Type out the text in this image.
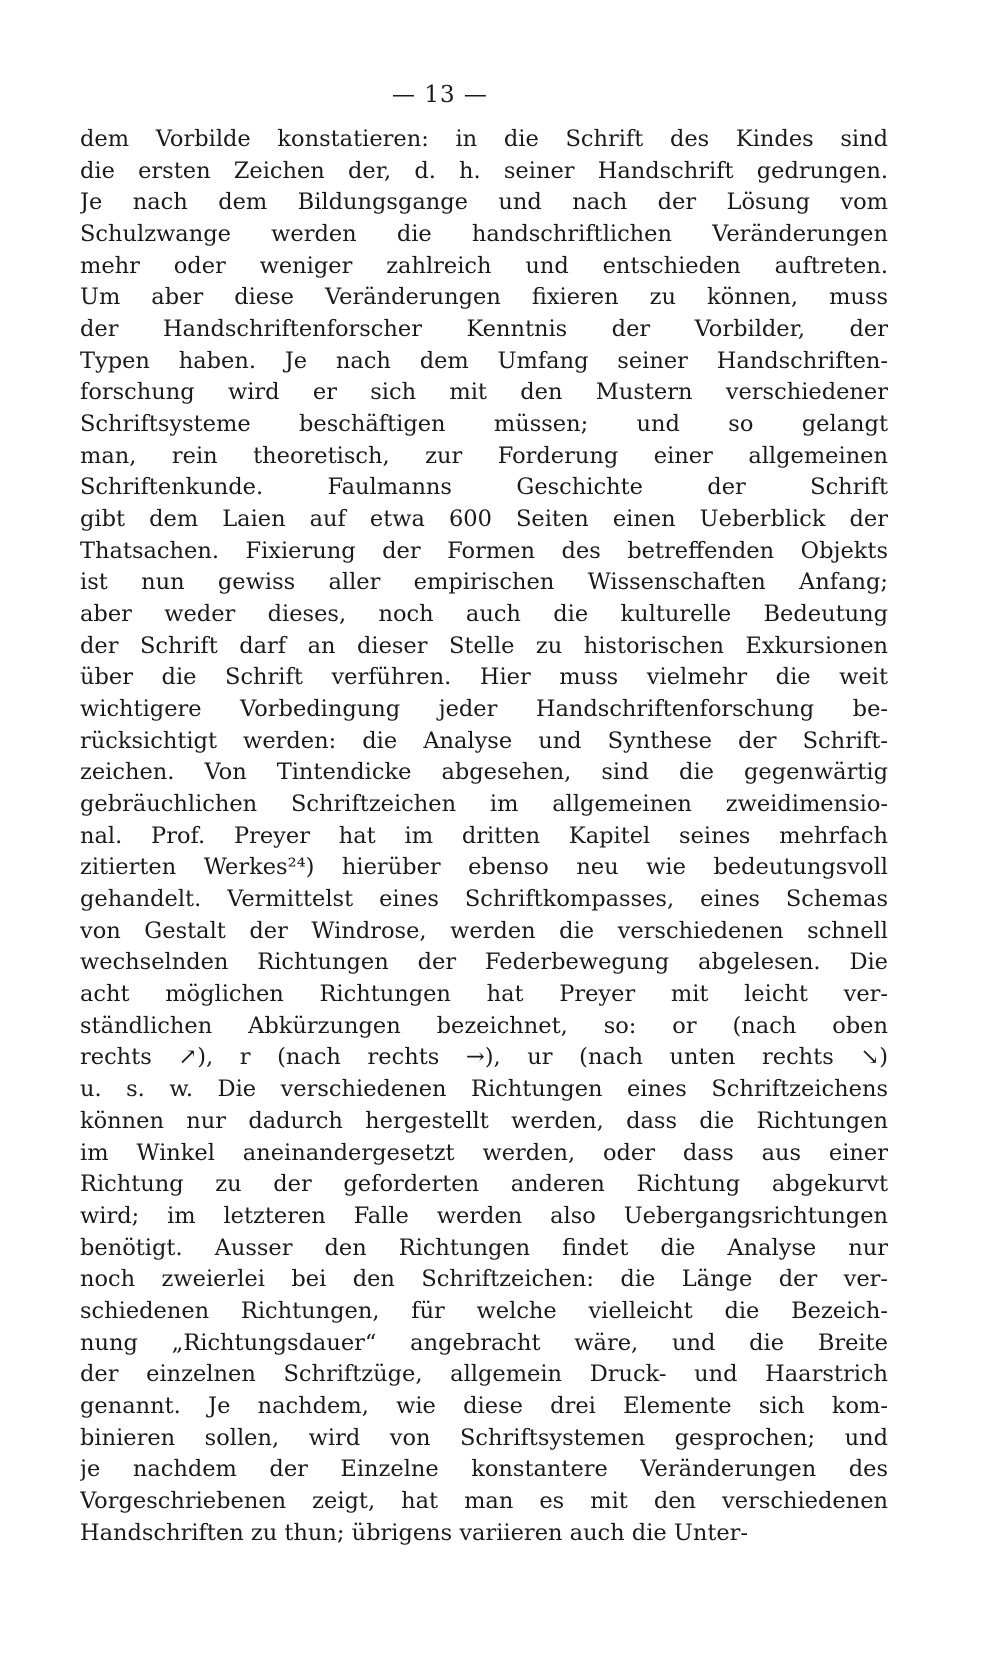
— 13 —
dem Vorbilde konstatieren: in die Schrift des Kindes sind
die ersten Zeichen der, d. h. seiner Handschrift gedrungen.
Je nach dem Bildungsgange und nach der Lösung vom
Schulzwange werden die handschriftlichen Veränderungen
mehr oder weniger zahlreich und entschieden auftreten.
Um aber diese Veränderungen fixieren zu können, muss
der Handschriftenforscher Kenntnis der Vorbilder, der
Typen haben. Je nach dem Umfang seiner Handschriften-
forschung wird er sich mit den Mustern verschiedener
Schriftsysteme beschäftigen müssen; und so gelangt
man, rein theoretisch, zur Forderung einer allgemeinen
Schriftenkunde. Faulmanns Geschichte der Schrift
gibt dem Laien auf etwa 600 Seiten einen Ueberblick der
Thatsachen. Fixierung der Formen des betreffenden Objekts
ist nun gewiss aller empirischen Wissenschaften Anfang;
aber weder dieses, noch auch die kulturelle Bedeutung
der Schrift darf an dieser Stelle zu historischen Exkursionen
über die Schrift verführen. Hier muss vielmehr die weit
wichtigere Vorbedingung jeder Handschriftenforschung be-
rücksichtigt werden: die Analyse und Synthese der Schrift-
zeichen. Von Tintendicke abgesehen, sind die gegenwärtig
gebräuchlichen Schriftzeichen im allgemeinen zweidimensio-
nal. Prof. Preyer hat im dritten Kapitel seines mehrfach
zitierten Werkes²⁴) hierüber ebenso neu wie bedeutungsvoll
gehandelt. Vermittelst eines Schriftkompasses, eines Schemas
von Gestalt der Windrose, werden die verschiedenen schnell
wechselnden Richtungen der Federbewegung abgelesen. Die
acht möglichen Richtungen hat Preyer mit leicht ver-
ständlichen Abkürzungen bezeichnet, so: or (nach oben
rechts ↗), r (nach rechts →), ur (nach unten rechts ↘)
u. s. w. Die verschiedenen Richtungen eines Schriftzeichens
können nur dadurch hergestellt werden, dass die Richtungen
im Winkel aneinandergesetzt werden, oder dass aus einer
Richtung zu der geforderten anderen Richtung abgekurvt
wird; im letzteren Falle werden also Uebergangsrichtungen
benötigt. Ausser den Richtungen findet die Analyse nur
noch zweierlei bei den Schriftzeichen: die Länge der ver-
schiedenen Richtungen, für welche vielleicht die Bezeich-
nung „Richtungsdauer“ angebracht wäre, und die Breite
der einzelnen Schriftzüge, allgemein Druck- und Haarstrich
genannt. Je nachdem, wie diese drei Elemente sich kom-
binieren sollen, wird von Schriftsystemen gesprochen; und
je nachdem der Einzelne konstantere Veränderungen des
Vorgeschriebenen zeigt, hat man es mit den verschiedenen
Handschriften zu thun; übrigens variieren auch die Unter-
